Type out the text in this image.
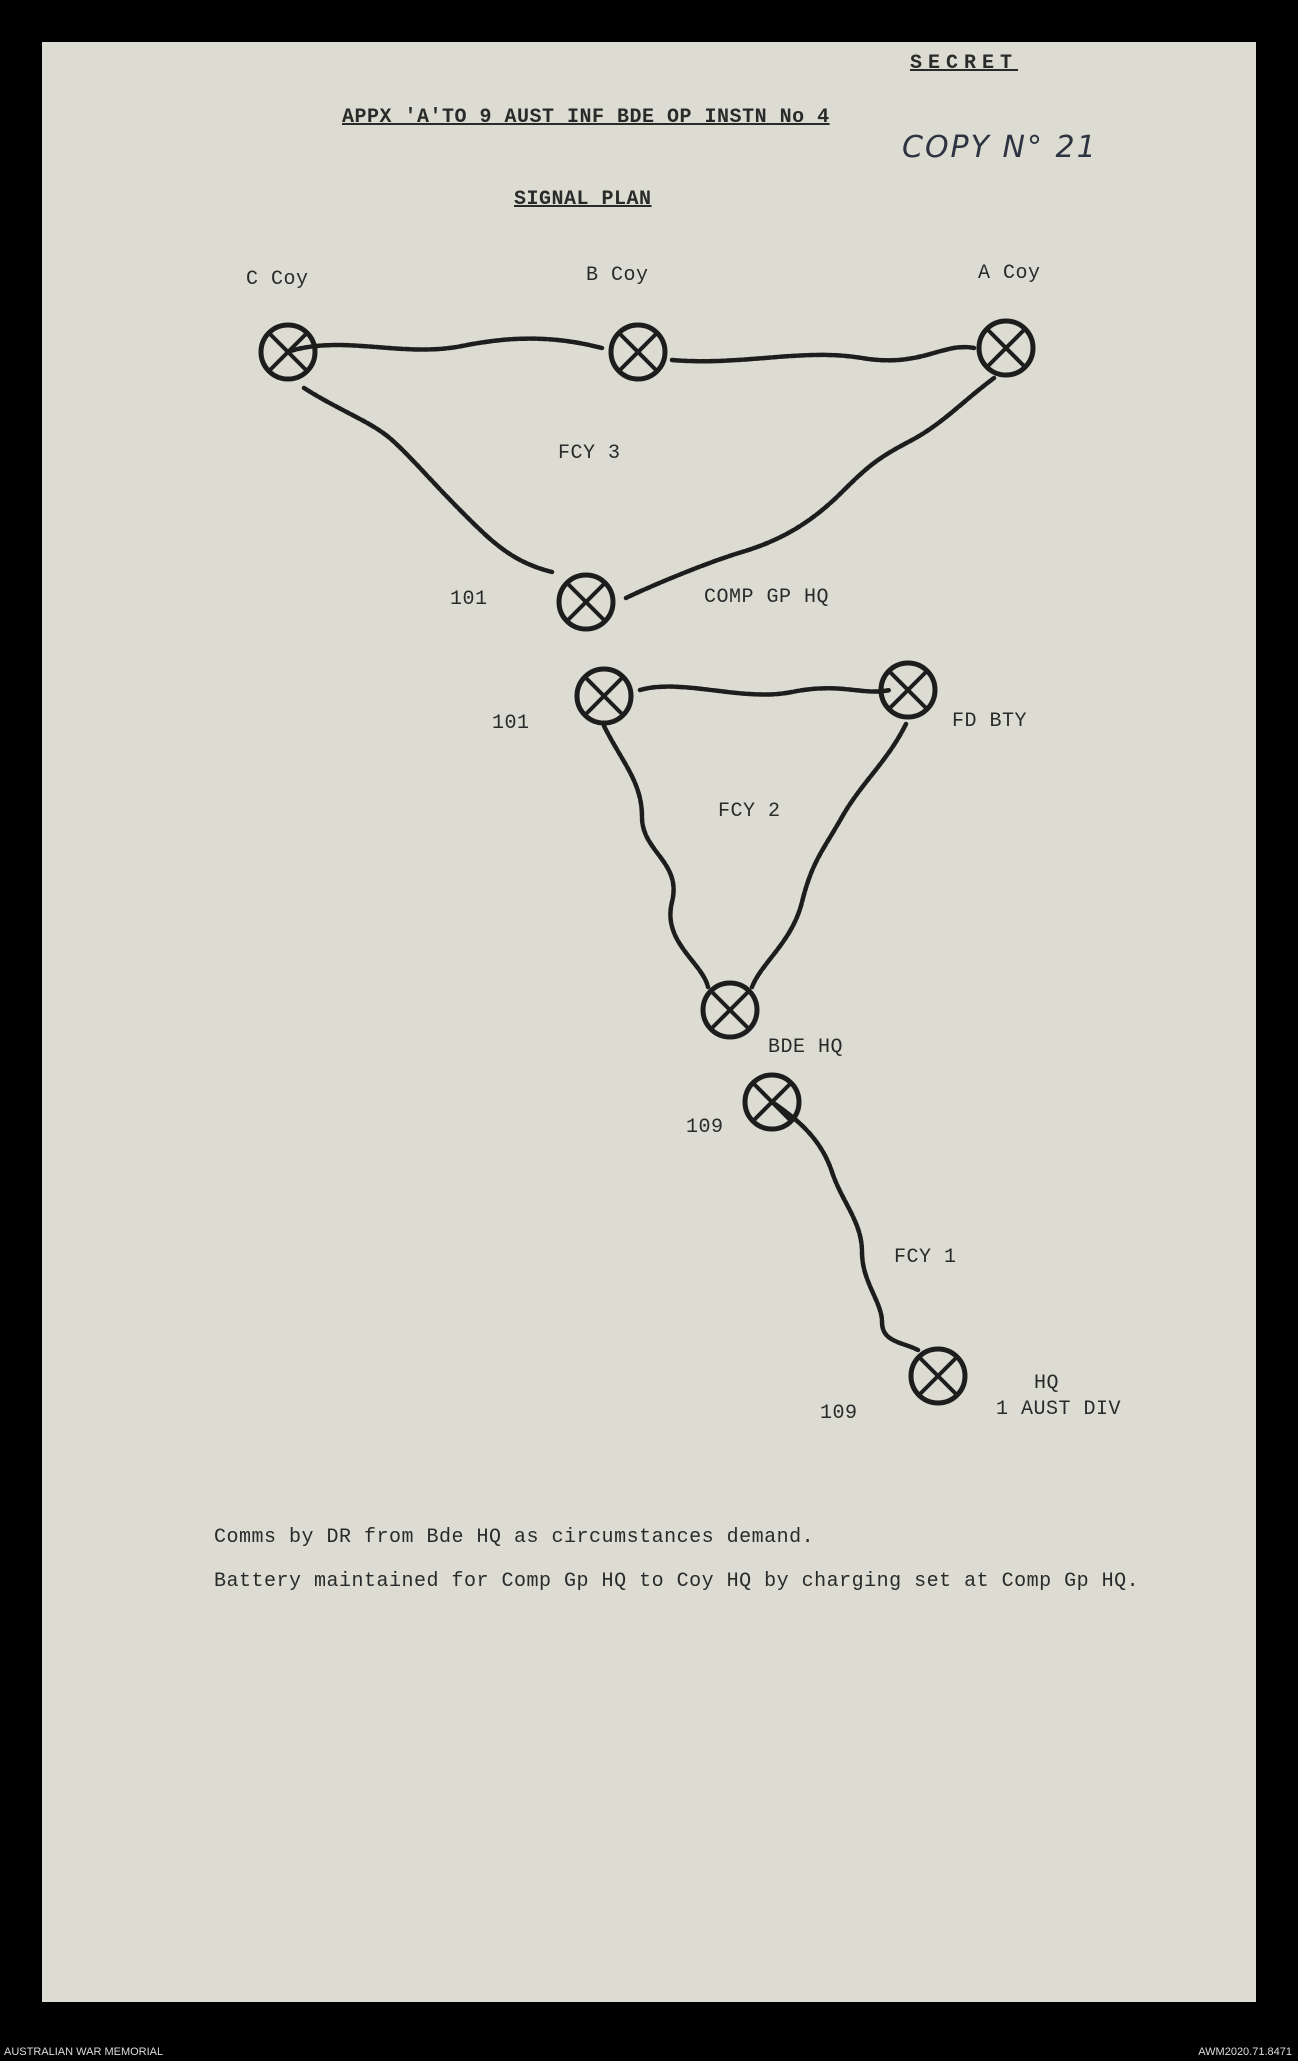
SECRET
APPX 'A'TO 9 AUST INF BDE OP INSTN No 4
COPY N° 21
SIGNAL PLAN
C Coy	B Coy	A Coy
FCY 3
101	COMP GP HQ
101	FD BTY
FCY 2
BDE HQ
109
FCY 1
109
HQ
1 AUST DIV
Comms by DR from Bde HQ as circumstances demand.
Battery maintained for Comp Gp HQ to Coy HQ by charging set at Comp Gp HQ.
AUSTRALIAN WAR MEMORIAL	AWM2020.71.8471
